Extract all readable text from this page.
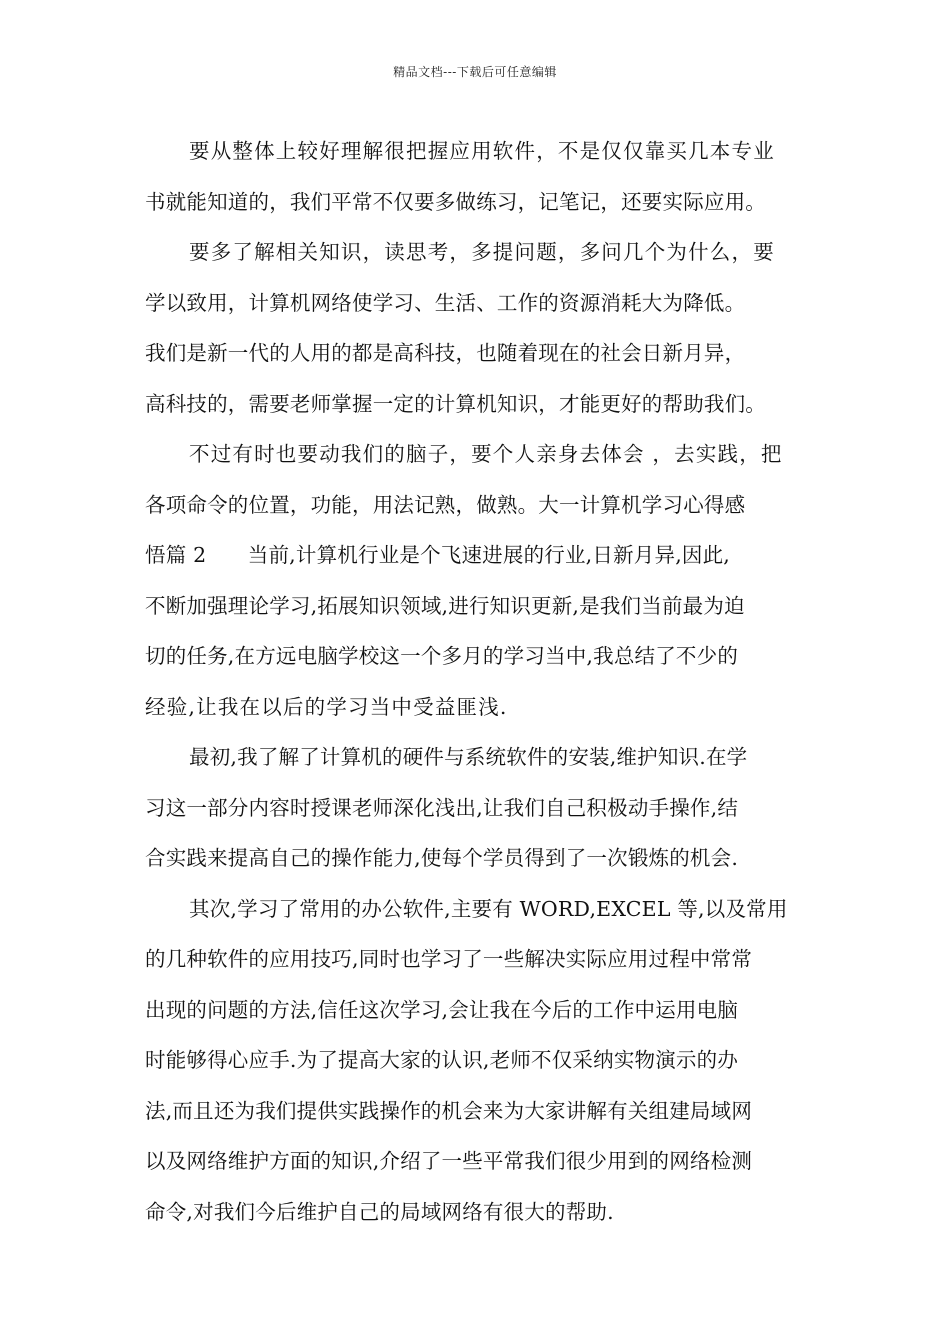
精品文档---下载后可任意编辑
要从整体上较好理解很把握应用软件，不是仅仅靠买几本专业
书就能知道的，我们平常不仅要多做练习，记笔记，还要实际应用。
要多了解相关知识，读思考，多提问题，多问几个为什么，要
学以致用，计算机网络使学习、生活、工作的资源消耗大为降低。
我们是新一代的人用的都是高科技，也随着现在的社会日新月异，
高科技的，需要老师掌握一定的计算机知识，才能更好的帮助我们。
不过有时也要动我们的脑子，要个人亲身去体会 ，去实践，把
各项命令的位置，功能，用法记熟，做熟。大一计算机学习心得感
悟篇 2　　当前,计算机行业是个飞速进展的行业,日新月异,因此,
不断加强理论学习,拓展知识领域,进行知识更新,是我们当前最为迫
切的任务,在方远电脑学校这一个多月的学习当中,我总结了不少的
经验,让我在以后的学习当中受益匪浅.
最初,我了解了计算机的硬件与系统软件的安装,维护知识.在学
习这一部分内容时授课老师深化浅出,让我们自己积极动手操作,结
合实践来提高自己的操作能力,使每个学员得到了一次锻炼的机会.
其次,学习了常用的办公软件,主要有 WORD,EXCEL 等,以及常用
的几种软件的应用技巧,同时也学习了一些解决实际应用过程中常常
出现的问题的方法,信任这次学习,会让我在今后的工作中运用电脑
时能够得心应手.为了提高大家的认识,老师不仅采纳实物演示的办
法,而且还为我们提供实践操作的机会来为大家讲解有关组建局域网
以及网络维护方面的知识,介绍了一些平常我们很少用到的网络检测
命令,对我们今后维护自己的局域网络有很大的帮助.
